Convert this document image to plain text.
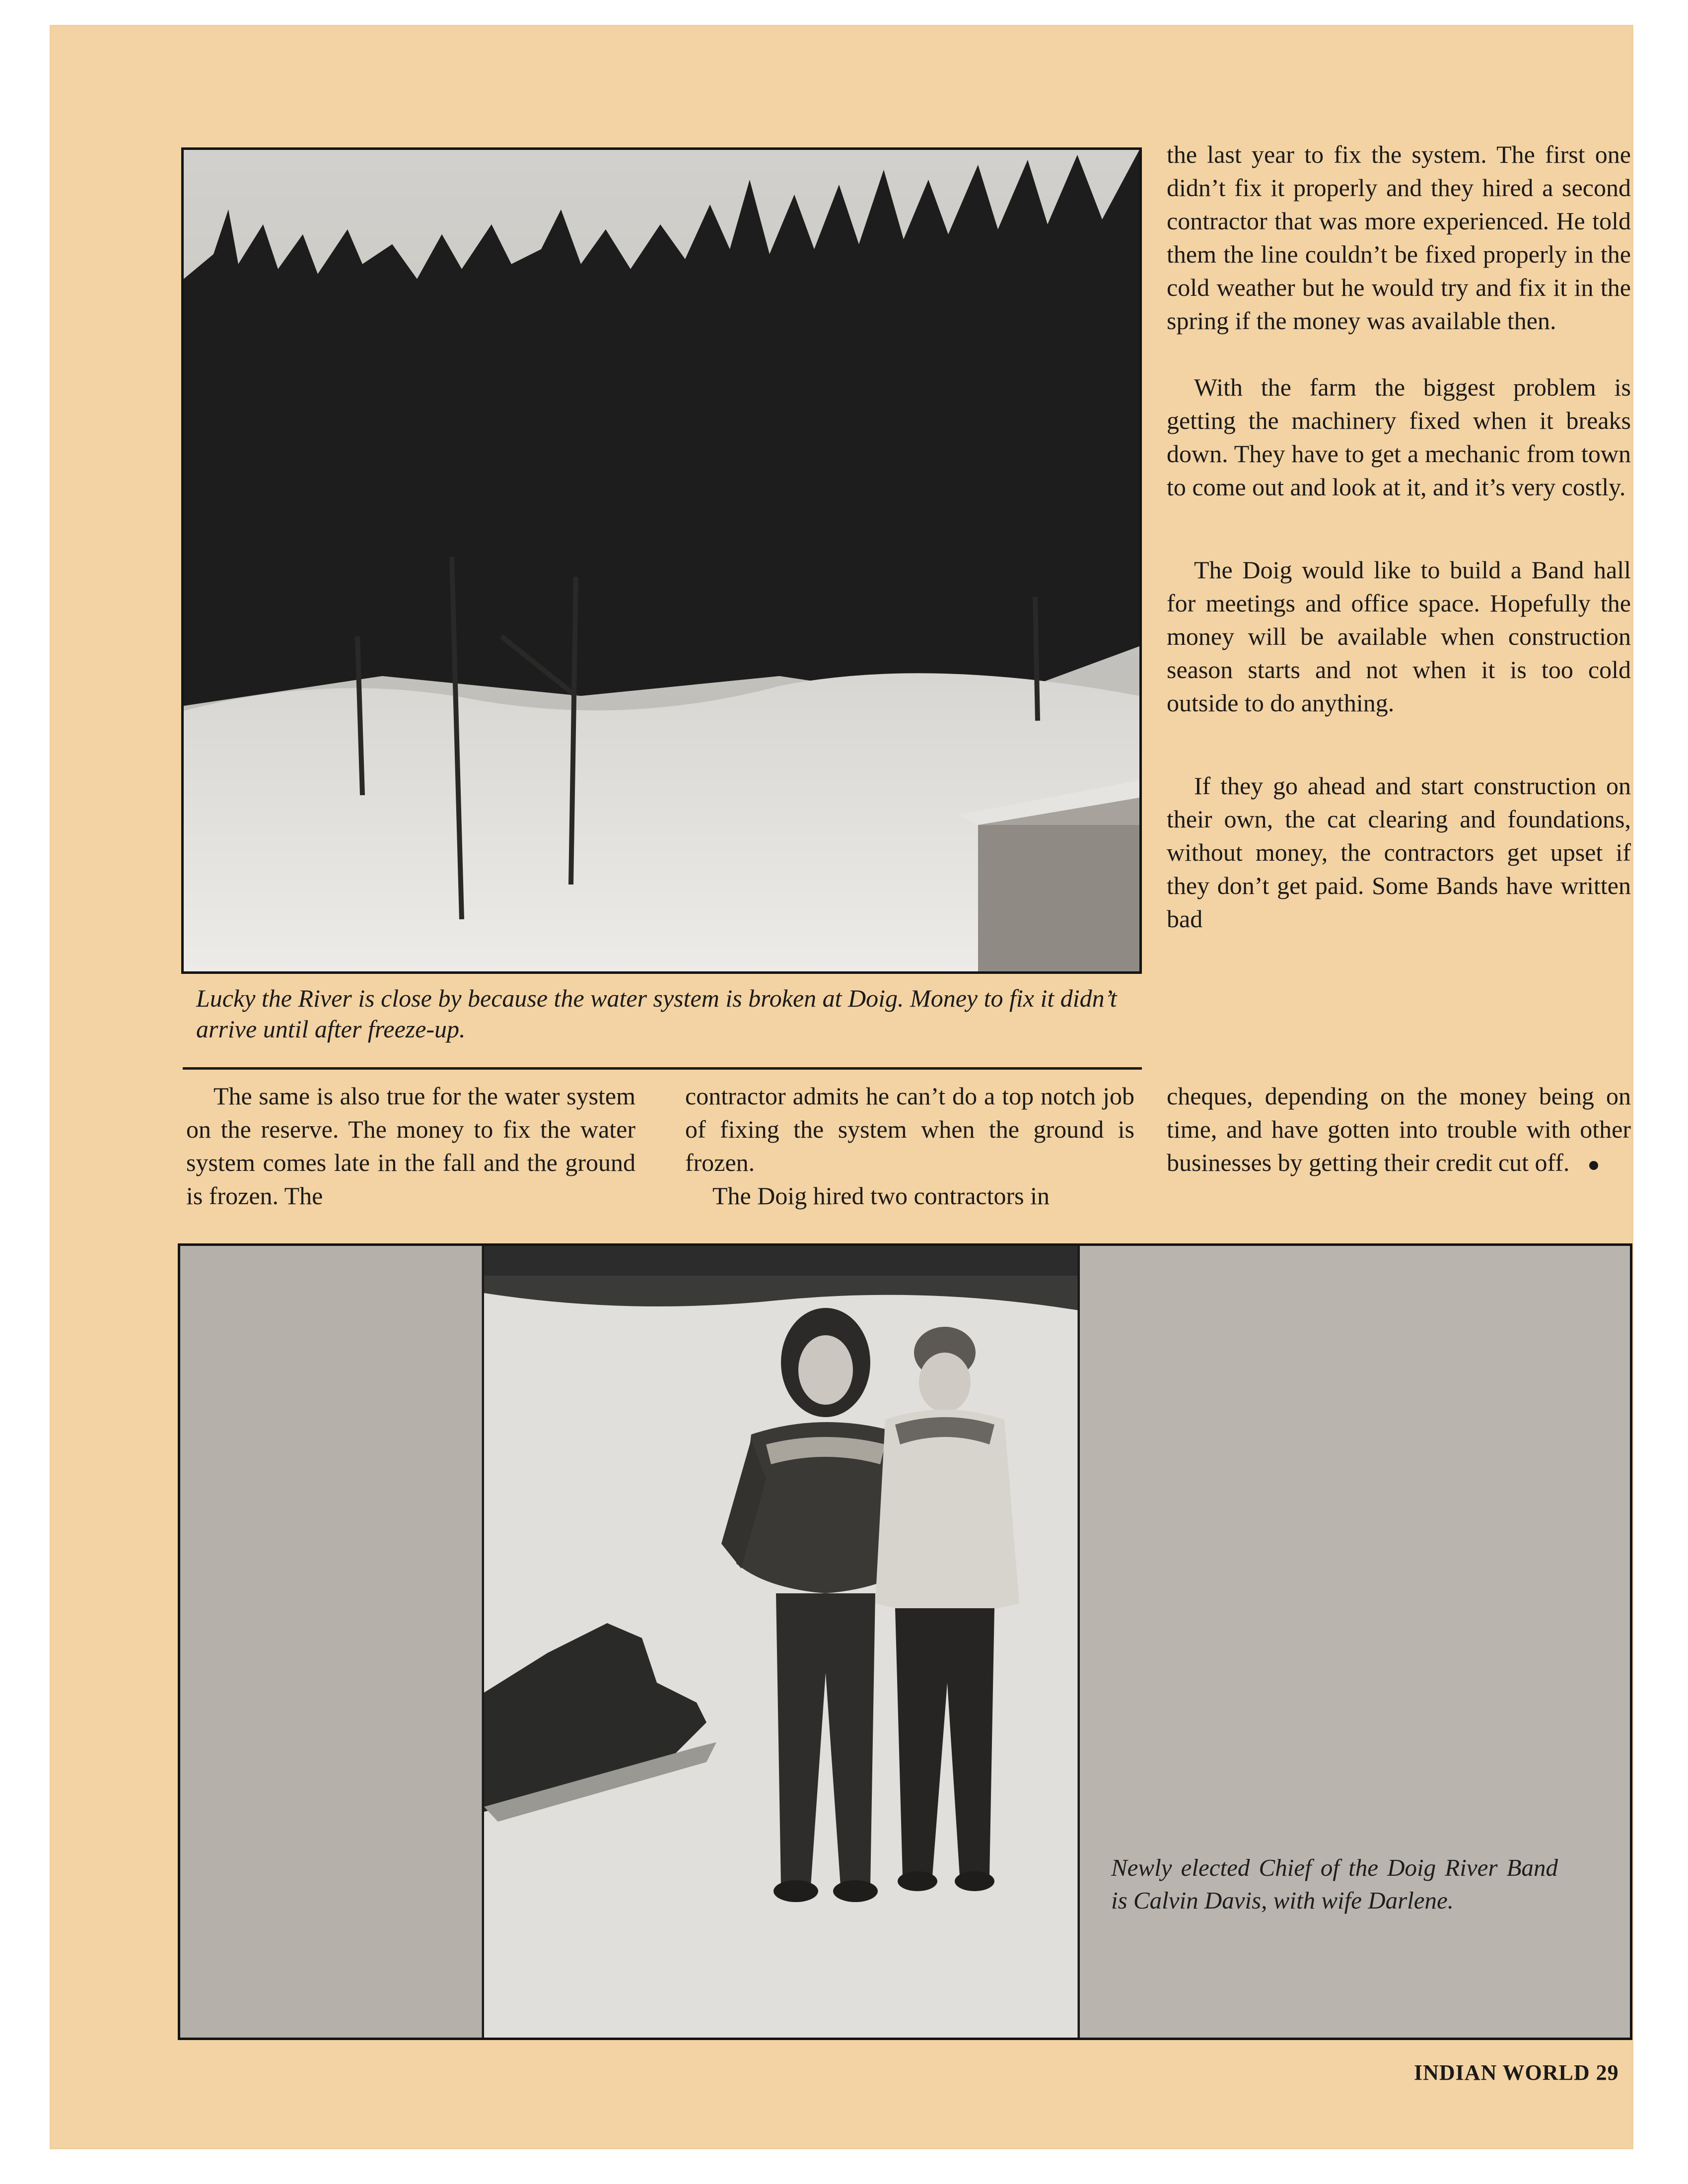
Lucky the River is close by because the water system is broken at Doig. Money to fix it didn’t arrive until after freeze-up.

the last year to fix the system. The first one didn’t fix it properly and they hired a second contractor that was more experienced. He told them the line couldn’t be fixed properly in the cold weather but he would try and fix it in the spring if the money was available then.

With the farm the biggest problem is getting the machinery fixed when it breaks down. They have to get a mechanic from town to come out and look at it, and it’s very costly.

The Doig would like to build a Band hall for meetings and office space. Hopefully the money will be available when construction season starts and not when it is too cold outside to do anything.

If they go ahead and start construction on their own, the cat clearing and foundations, without money, the contractors get upset if they don’t get paid. Some Bands have written bad

The same is also true for the water system on the reserve. The money to fix the water system comes late in the fall and the ground is frozen. The

contractor admits he can’t do a top notch job of fixing the system when the ground is frozen.

The Doig hired two contractors in

cheques, depending on the money being on time, and have gotten into trouble with other businesses by getting their credit cut off.

Newly elected Chief of the Doig River Band is Calvin Davis, with wife Darlene.
INDIAN WORLD 29
